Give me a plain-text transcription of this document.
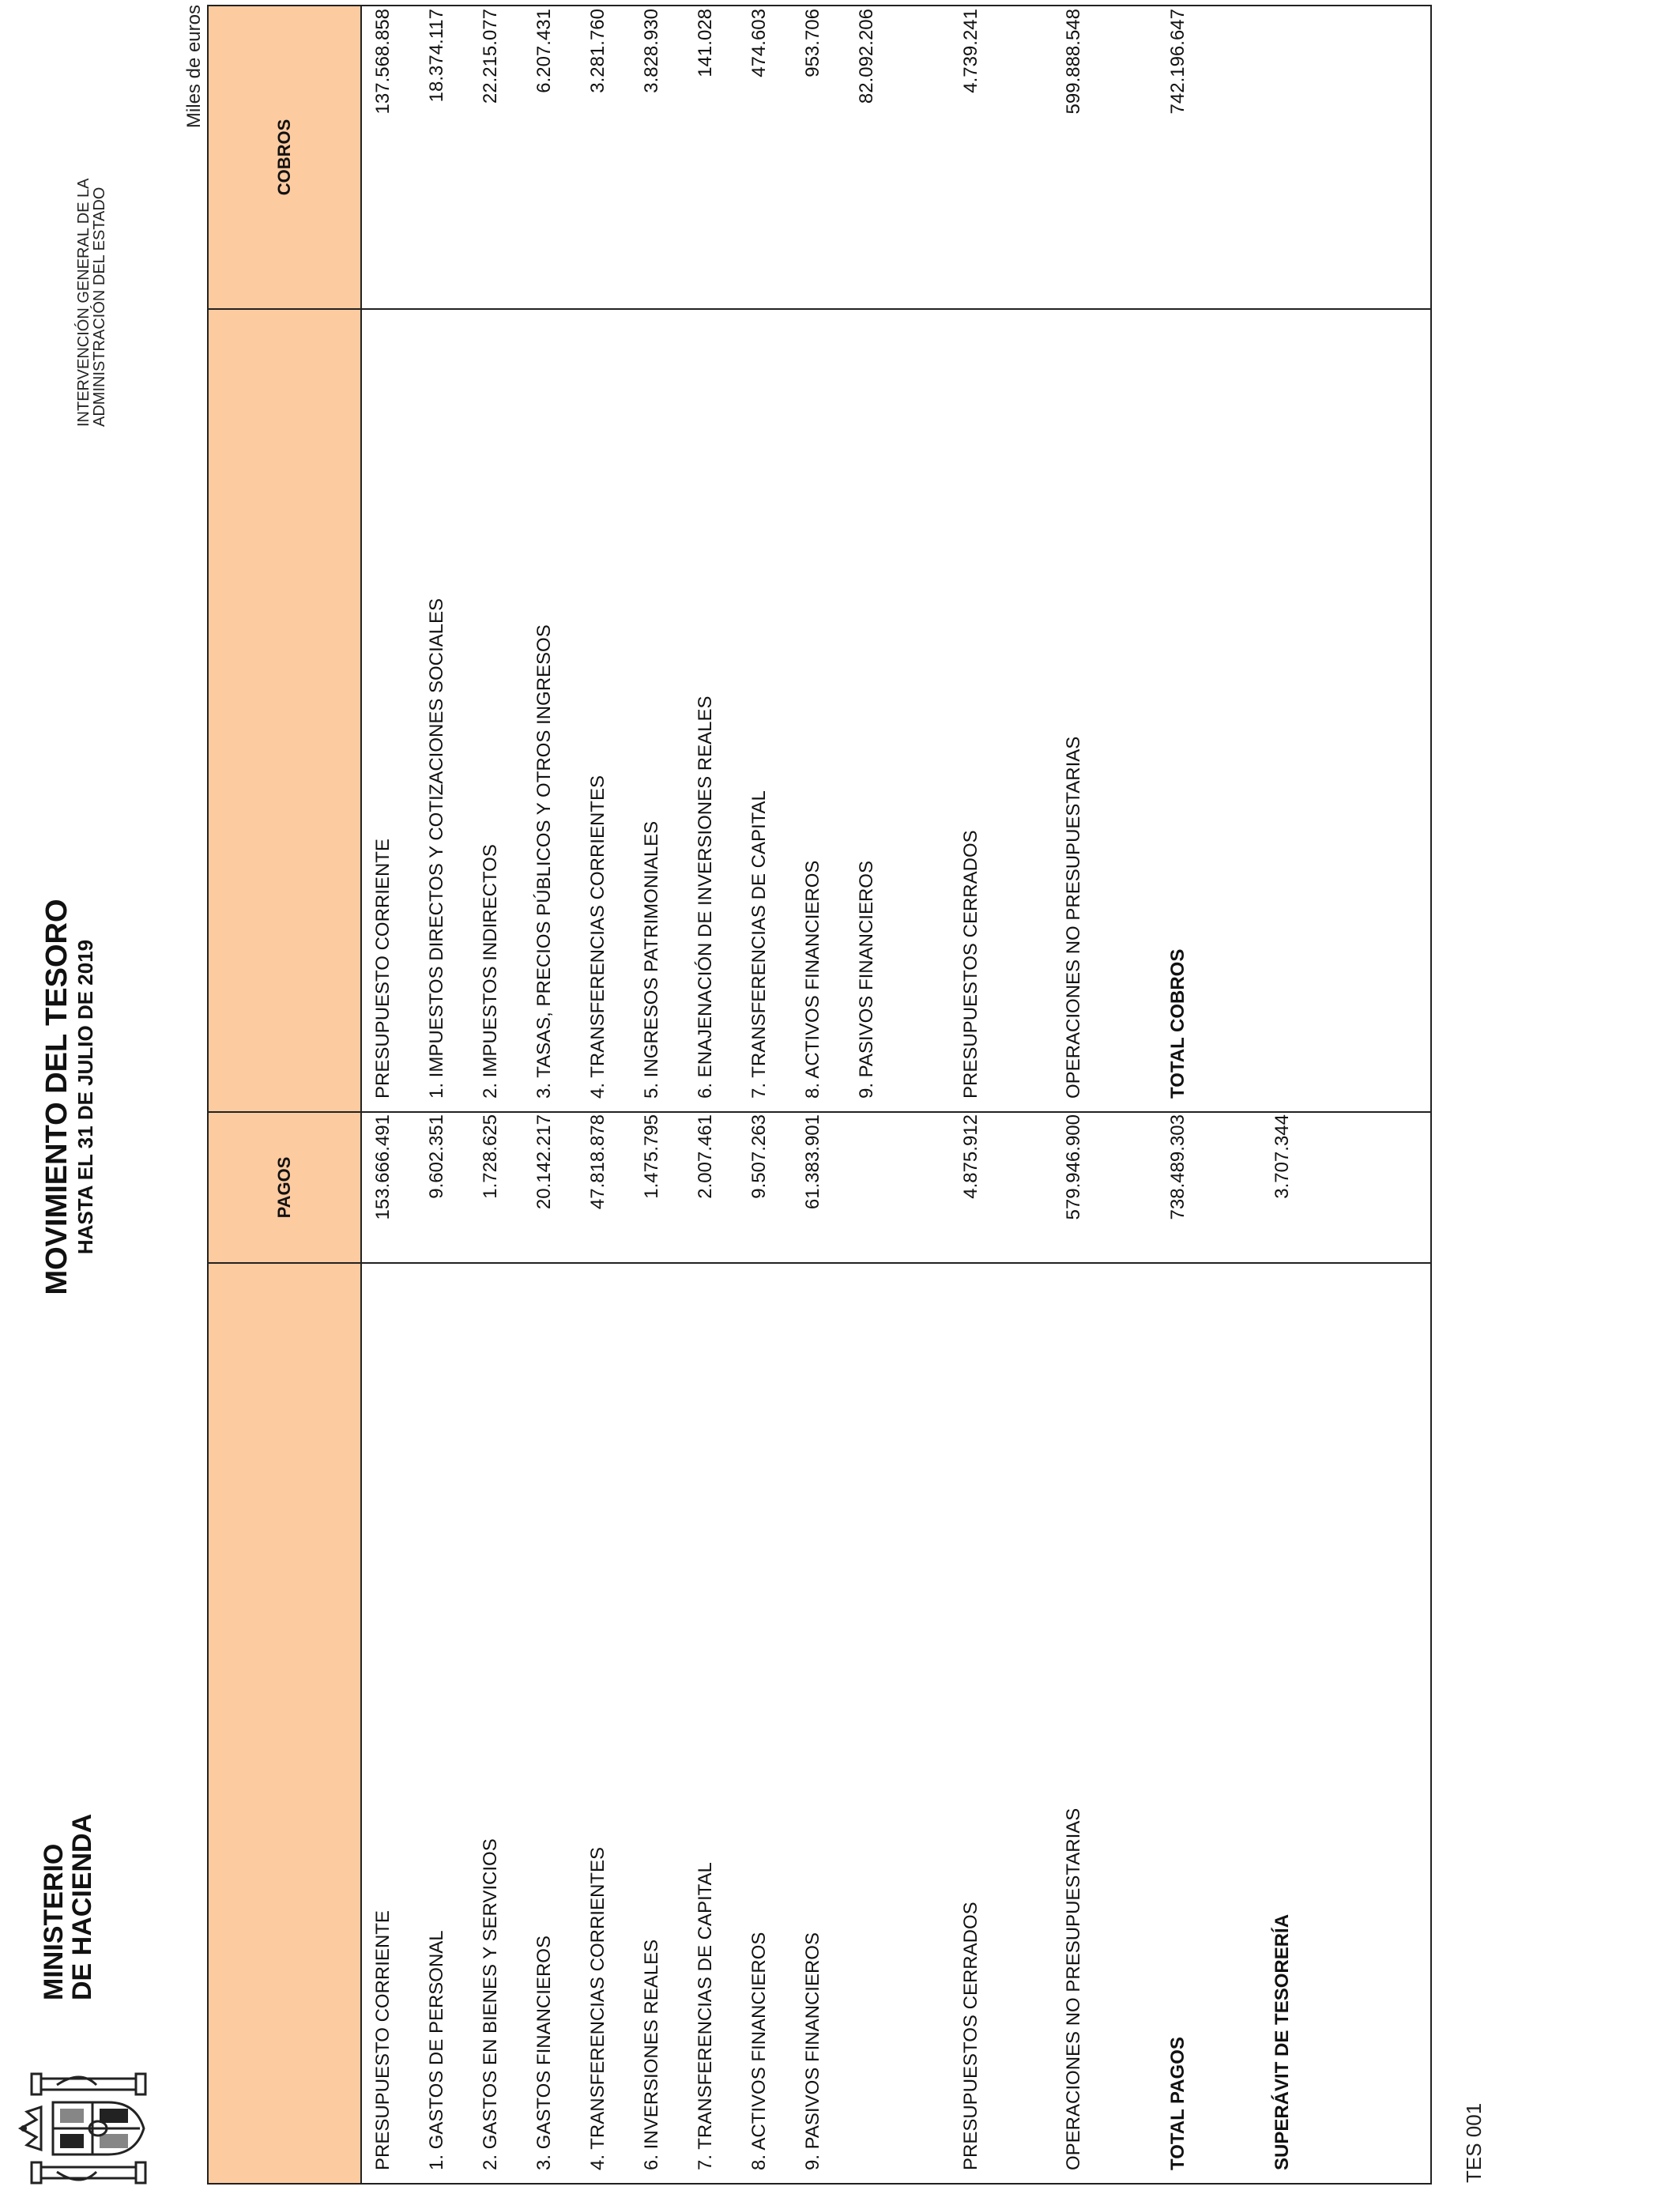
MINISTERIO
DE HACIENDA
MOVIMIENTO DEL TESORO HASTA EL 31 DE JULIO DE 2019
INTERVENCIÓN GENERAL DE LA
ADMINISTRACIÓN DEL ESTADO
Miles de euros
PAGOS
COBROS
PRESUPUESTO CORRIENTE
153.666.491
1. GASTOS DE PERSONAL
9.602.351
2. GASTOS EN BIENES Y SERVICIOS
1.728.625
3. GASTOS FINANCIEROS
20.142.217
4. TRANSFERENCIAS CORRIENTES
47.818.878
6. INVERSIONES REALES
1.475.795
7. TRANSFERENCIAS DE CAPITAL
2.007.461
8. ACTIVOS FINANCIEROS
9.507.263
9. PASIVOS FINANCIEROS
61.383.901
PRESUPUESTOS CERRADOS
4.875.912
OPERACIONES NO PRESUPUESTARIAS
579.946.900
TOTAL PAGOS
738.489.303
SUPERÁVIT DE TESORERÍA
3.707.344
PRESUPUESTO CORRIENTE
137.568.858
1. IMPUESTOS DIRECTOS Y COTIZACIONES SOCIALES
18.374.117
2. IMPUESTOS INDIRECTOS
22.215.077
3. TASAS, PRECIOS PÚBLICOS Y OTROS INGRESOS
6.207.431
4. TRANSFERENCIAS CORRIENTES
3.281.760
5. INGRESOS PATRIMONIALES
3.828.930
6. ENAJENACIÓN DE INVERSIONES REALES
141.028
7. TRANSFERENCIAS DE CAPITAL
474.603
8. ACTIVOS FINANCIEROS
953.706
9. PASIVOS FINANCIEROS
82.092.206
PRESUPUESTOS CERRADOS
4.739.241
OPERACIONES NO PRESUPUESTARIAS
599.888.548
TOTAL COBROS
742.196.647
TES 001
